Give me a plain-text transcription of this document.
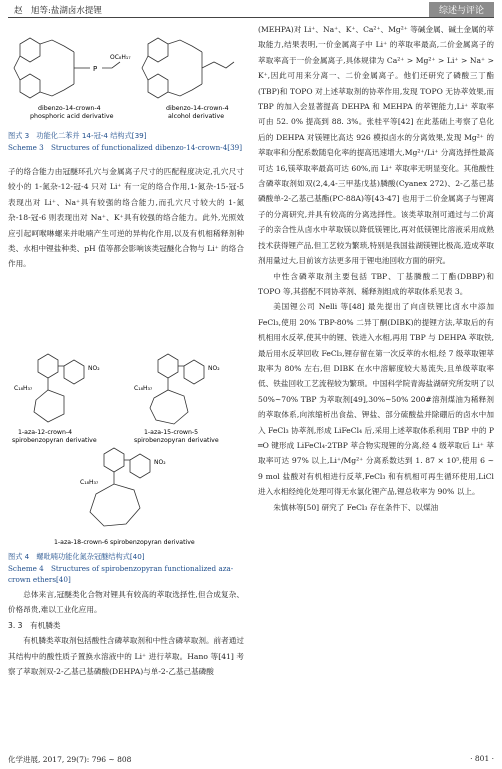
赵　旭等:盐湖卤水提锂	综述与评论
P
OC₈H₁₇
dibenzo-14-crown-4
phosphoric acid derivative
dibenzo-14-crown-4
alcohol derivative
图式 3　功能化二苯并 14-冠-4 结构式[39]
Scheme 3　Structures of functionalized dibenzo-14-crown-4[39]

子的络合能力由冠醚环孔穴与金属离子尺寸的匹配程度决定,孔穴尺寸较小的 1-氮杂-12-冠-4 只对 Li⁺ 有一定的络合作用,1-氮杂-15-冠-5 表现出对 Li⁺、Na⁺具有较强的络合能力,而孔穴尺寸较大的 1-氮杂-18-冠-6 则表现出对 Na⁺、K⁺具有较强的络合能力。此外,光照效应引起呵喉啉螺来并吡喃产生可逆的异构化作用,以及有机相稀释剂种类、水相中锂盐种类、pH 值等都会影响该类冠醚化合物与 Li⁺ 的络合作用。

NO₂
C₁₈H₃₇
1-aza-12-crown-4
spirobenzopyran derivative
NO₂
C₁₈H₃₇
1-aza-15-crown-5
spirobenzopyran derivative
NO₂
C₁₈H₃₇
1-aza-18-crown-6 spirobenzopyran derivative
图式 4　螺吡喃功能化氮杂冠醚结构式[40]
Scheme 4　Structures of spirobenzopyran functionalized aza-crown ethers[40]

总体来言,冠醚类化合物对锂具有较高的萃取选择性,但合成复杂、价格昂贵,难以工业化应用。

3. 3　有机膦类

有机膦类萃取剂包括酸性含磷萃取剂和中性含磷萃取剂。前者通过其结构中的酸性质子置换水溶液中的 Li⁺ 进行萃取。Hano 等[41] 考察了萃取剂双-2-乙基己基磷酸(DEHPA)与单-2-乙基己基磷酸

(MEHPA)对 Li⁺、Na⁺、K⁺、Ca²⁺、Mg²⁺ 等碱金属、碱土金属的萃取能力,结果表明,一价金属离子中 Li⁺ 的萃取率最高,二价金属离子的萃取率高于一价金属离子,具体规律为 Ca²⁺ > Mg²⁺ > Li⁺ > Na⁺ > K⁺,因此可用来分离一、二价金属离子。他们还研究了磷酸三丁酯(TBP)和 TOPO 对上述萃取剂的协萃作用,发现 TOPO 无协萃效果,而 TBP 的加入会显著提高 DEHPA 和 MEHPA 的萃锂能力,Li⁺ 萃取率可由 52. 0% 提高到 88. 3%。张桂平等[42] 在此基础上考察了皂化后的 DEHPA 对镁锂比高达 926 模拟卤水的分离效果,发现 Mg²⁺ 的萃取率和分配系数随皂化率的提高迅速增大,Mg²⁺/Li⁺ 分离选择性最高可达 16,镁萃取率最高可达 60%,而 Li⁺ 萃取率无明显变化。其他酸性含磷萃取剂如双(2,4,4-三甲基戊基)膦酸(Cyanex 272)、2-乙基己基磷酸单-2-乙基己基酯(PC-88A)等[43-47] 也用于二价金属离子与锂离子的分离研究,并具有较高的分离选择性。该类萃取剂可通过与二价离子的亲合性从卤水中萃取镁以降低镁锂比,再对低镁锂比溶液采用成熟技术获得锂产品,但工艺较为繁琐,特别是我国盐湖镁锂比极高,造成萃取剂用量过大,目前该方法更多用于锂电池回收方面的研究。

中性含磷萃取剂主要包括 TBP、丁基膦酸二丁酯(DBBP)和 TOPO 等,其搭配不同协萃剂、稀释剂组成的萃取体系见表 3。

美国锂公司 Nelli 等[48] 最先提出了向卤铁锂比卤水中添加 FeCl₃,使用 20% TBP-80% 二异丁酮(DIBK)的提锂方法,萃取后的有机相用水反萃,使其中的锂、铁进入水相,再用 TBP 与 DEHPA 萃取铁,最后用水反萃回收 FeCl₃,锂存留在第一次反萃的水相,经 7 级萃取锂萃取率为 80% 左右,但 DIBK 在水中溶解度较大易流失,且单级萃取率低、铁盐回收工艺流程较为繁琐。中国科学院青海盐湖研究所发明了以50%~70% TBP 为萃取剂[49],30%~50% 200#溶剂煤油为稀释剂的萃取体系,向浓缩析出食盐、钾盐、部分硫酸盐并除硼后的卤水中加入 FeCl₃ 协萃剂,形成 LiFeCl₄ 后,采用上述萃取体系利用 TBP 中的 P ═O 键形成 LiFeCl₄·2TBP 萃合物实现锂的分离,经 4 级萃取后 Li⁺ 萃取率可达 97% 以上,Li⁺/Mg²⁺ 分离系数达到 1. 87 × 10⁵,使用 6 ~ 9 mol 盐酸对有机相进行反萃,FeCl₃ 和有机相可再生循环使用,LiCl 进入水相经纯化处理可得无水氯化锂产品,锂总收率为 90% 以上。

朱慎林等[50] 研究了 FeCl₃ 存在条件下、以煤油

化学进展, 2017, 29(7): 796 ~ 808	· 801 ·
